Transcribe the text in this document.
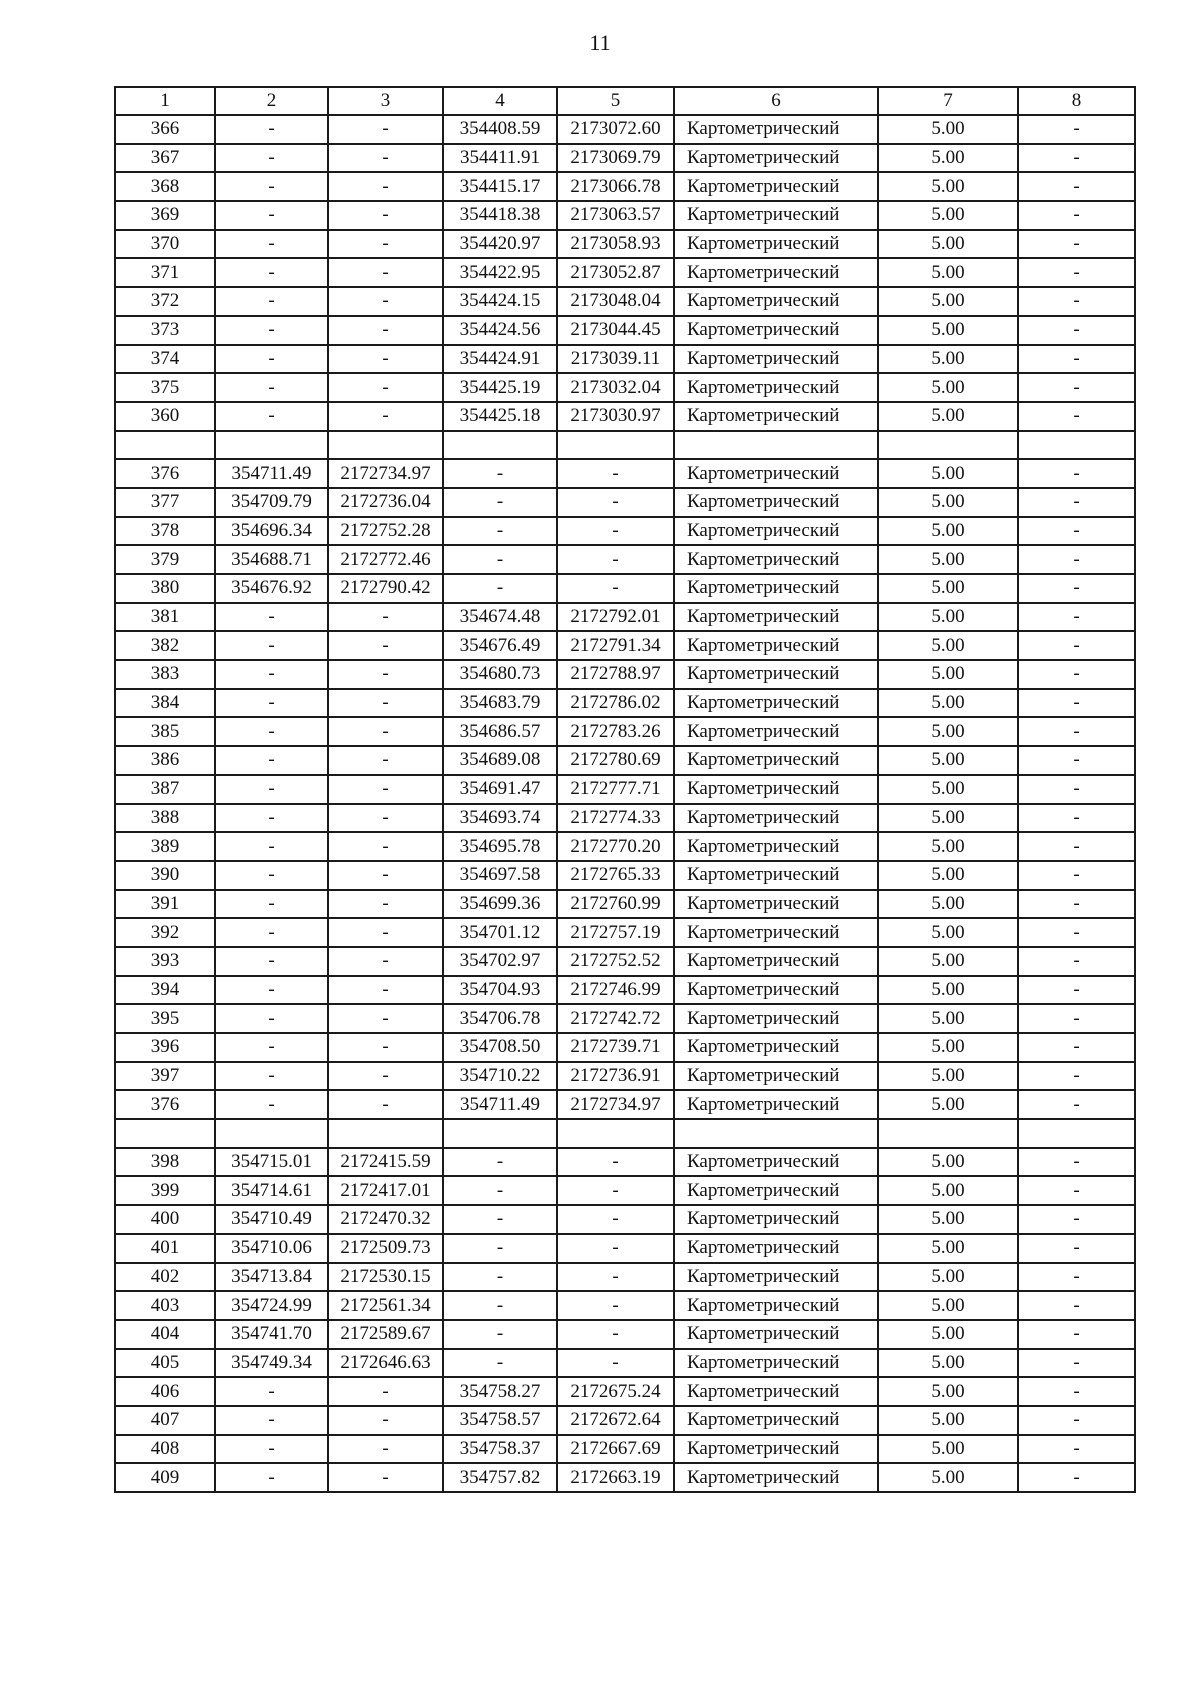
11
1	2	3	4	5	6	7	8
366	-	-	354408.59	2173072.60	Картометрический	5.00	-
367	-	-	354411.91	2173069.79	Картометрический	5.00	-
368	-	-	354415.17	2173066.78	Картометрический	5.00	-
369	-	-	354418.38	2173063.57	Картометрический	5.00	-
370	-	-	354420.97	2173058.93	Картометрический	5.00	-
371	-	-	354422.95	2173052.87	Картометрический	5.00	-
372	-	-	354424.15	2173048.04	Картометрический	5.00	-
373	-	-	354424.56	2173044.45	Картометрический	5.00	-
374	-	-	354424.91	2173039.11	Картометрический	5.00	-
375	-	-	354425.19	2173032.04	Картометрический	5.00	-
360	-	-	354425.18	2173030.97	Картометрический	5.00	-

376	354711.49	2172734.97	-	-	Картометрический	5.00	-
377	354709.79	2172736.04	-	-	Картометрический	5.00	-
378	354696.34	2172752.28	-	-	Картометрический	5.00	-
379	354688.71	2172772.46	-	-	Картометрический	5.00	-
380	354676.92	2172790.42	-	-	Картометрический	5.00	-
381	-	-	354674.48	2172792.01	Картометрический	5.00	-
382	-	-	354676.49	2172791.34	Картометрический	5.00	-
383	-	-	354680.73	2172788.97	Картометрический	5.00	-
384	-	-	354683.79	2172786.02	Картометрический	5.00	-
385	-	-	354686.57	2172783.26	Картометрический	5.00	-
386	-	-	354689.08	2172780.69	Картометрический	5.00	-
387	-	-	354691.47	2172777.71	Картометрический	5.00	-
388	-	-	354693.74	2172774.33	Картометрический	5.00	-
389	-	-	354695.78	2172770.20	Картометрический	5.00	-
390	-	-	354697.58	2172765.33	Картометрический	5.00	-
391	-	-	354699.36	2172760.99	Картометрический	5.00	-
392	-	-	354701.12	2172757.19	Картометрический	5.00	-
393	-	-	354702.97	2172752.52	Картометрический	5.00	-
394	-	-	354704.93	2172746.99	Картометрический	5.00	-
395	-	-	354706.78	2172742.72	Картометрический	5.00	-
396	-	-	354708.50	2172739.71	Картометрический	5.00	-
397	-	-	354710.22	2172736.91	Картометрический	5.00	-
376	-	-	354711.49	2172734.97	Картометрический	5.00	-

398	354715.01	2172415.59	-	-	Картометрический	5.00	-
399	354714.61	2172417.01	-	-	Картометрический	5.00	-
400	354710.49	2172470.32	-	-	Картометрический	5.00	-
401	354710.06	2172509.73	-	-	Картометрический	5.00	-
402	354713.84	2172530.15	-	-	Картометрический	5.00	-
403	354724.99	2172561.34	-	-	Картометрический	5.00	-
404	354741.70	2172589.67	-	-	Картометрический	5.00	-
405	354749.34	2172646.63	-	-	Картометрический	5.00	-
406	-	-	354758.27	2172675.24	Картометрический	5.00	-
407	-	-	354758.57	2172672.64	Картометрический	5.00	-
408	-	-	354758.37	2172667.69	Картометрический	5.00	-
409	-	-	354757.82	2172663.19	Картометрический	5.00	-
